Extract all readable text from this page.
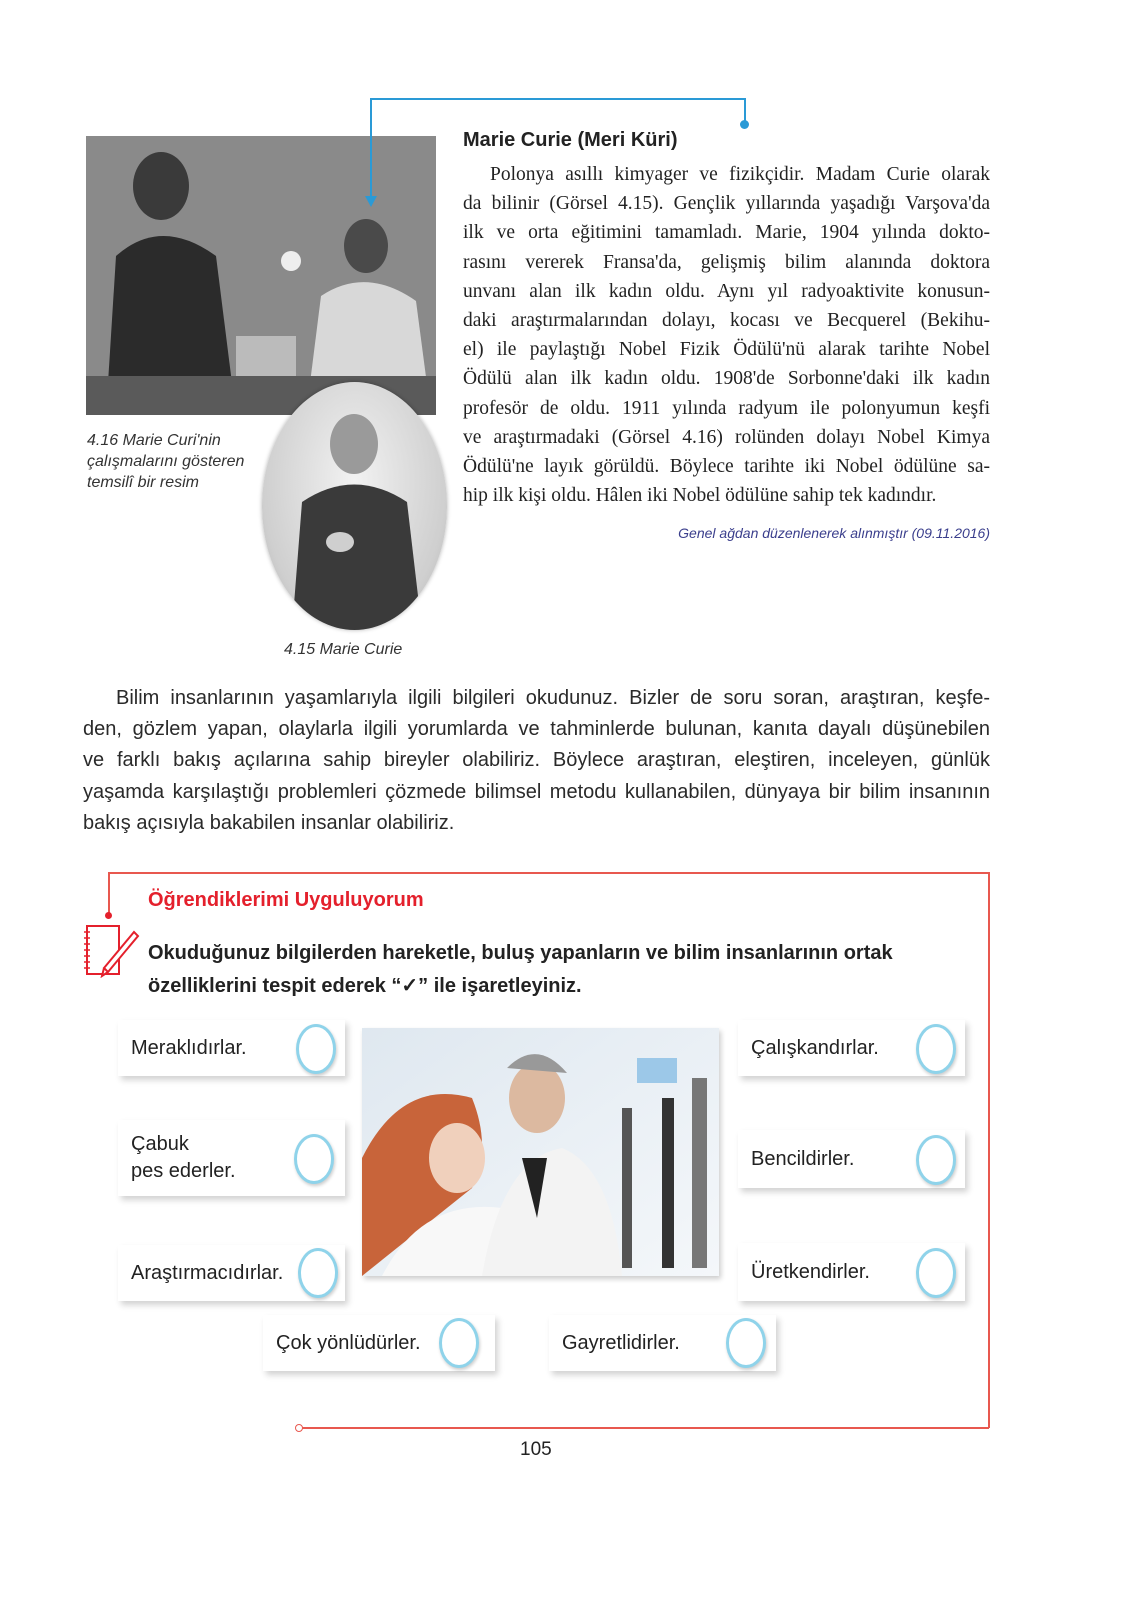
4.16 Marie Curi'nin
çalışmalarını gösteren
temsilî bir resim
4.15 Marie Curie
Marie Curie (Meri Küri)
Polonya asıllı kimyager ve fizikçidir. Madam Curie olarak
da bilinir (Görsel 4.15). Gençlik yıllarında yaşadığı Varşova'da
ilk ve orta eğitimini tamamladı. Marie, 1904 yılında dokto-
rasını vererek Fransa'da, gelişmiş bilim alanında doktora
unvanı alan ilk kadın oldu. Aynı yıl radyoaktivite konusun-
daki araştırmalarından dolayı, kocası ve Becquerel (Bekihu-
el) ile paylaştığı Nobel Fizik Ödülü'nü alarak tarihte Nobel
Ödülü alan ilk kadın oldu. 1908'de Sorbonne'daki ilk kadın
profesör de oldu. 1911 yılında radyum ile polonyumun keşfi
ve araştırmadaki (Görsel 4.16) rolünden dolayı Nobel Kimya
Ödülü'ne layık görüldü. Böylece tarihte iki Nobel ödülüne sa-
hip ilk kişi oldu. Hâlen iki Nobel ödülüne sahip tek kadındır.
Genel ağdan düzenlenerek alınmıştır (09.11.2016)
Bilim insanlarının yaşamlarıyla ilgili bilgileri okudunuz. Bizler de soru soran, araştıran, keşfe-
den, gözlem yapan, olaylarla ilgili yorumlarda ve tahminlerde bulunan, kanıta dayalı düşünebilen
ve farklı bakış açılarına sahip bireyler olabiliriz. Böylece araştıran, eleştiren, inceleyen, günlük
yaşamda karşılaştığı problemleri çözmede bilimsel metodu kullanabilen, dünyaya bir bilim insanının
bakış açısıyla bakabilen insanlar olabiliriz.
Öğrendiklerimi Uyguluyorum
Okuduğunuz bilgilerden hareketle, buluş yapanların ve bilim insanlarının ortak
özelliklerini tespit ederek “✓” ile işaretleyiniz.
Meraklıdırlar.
Çabuk
pes ederler.
Araştırmacıdırlar.
Çalışkandırlar.
Bencildirler.
Üretkendirler.
Çok yönlüdürler.	Gayretlidirler.
105
